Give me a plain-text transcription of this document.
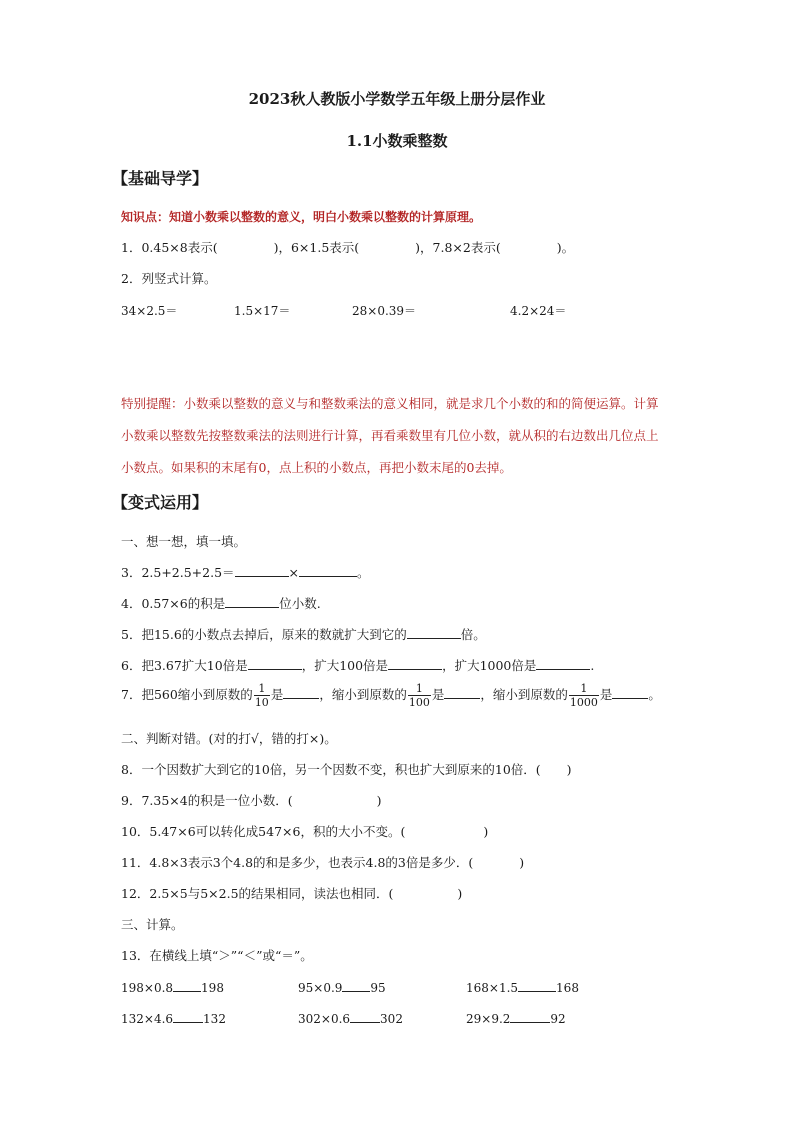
2023秋人教版小学数学五年级上册分层作业
1.1小数乘整数
【基础导学】
知识点：知道小数乘以整数的意义，明白小数乘以整数的计算原理。
1．0.45×8表示(	)，6×1.5表示(	)，7.8×2表示(	)。
2．列竖式计算。
34×2.5＝	1.5×17＝	28×0.39＝	4.2×24＝
特别提醒：小数乘以整数的意义与和整数乘法的意义相同，就是求几个小数的和的简便运算。计算
小数乘以整数先按整数乘法的法则进行计算，再看乘数里有几位小数，就从积的右边数出几位点上
小数点。如果积的末尾有0，点上积的小数点，再把小数末尾的0去掉。
【变式运用】
一、想一想，填一填。
3．2.5+2.5+2.5＝	×	。
4．0.57×6的积是	位小数.
5．把15.6的小数点去掉后，原来的数就扩大到它的	倍。
6．把3.67扩大10倍是	，扩大100倍是	，扩大1000倍是	.
7．把560缩小到原数的 $\frac{1}{10}$ 是	，缩小到原数的 $\frac{1}{100}$ 是	，缩小到原数的 $\frac{1}{1000}$ 是	。
二、判断对错。(对的打√，错的打×)。
8．一个因数扩大到它的10倍，另一个因数不变，积也扩大到原来的10倍．( )
9．7.35×4的积是一位小数．(	)
10．5.47×6可以转化成547×6，积的大小不变。(	)
11．4.8×3表示3个4.8的和是多少，也表示4.8的3倍是多少．(	)
12．2.5×5与5×2.5的结果相同，读法也相同．(	)
三、计算。
13．在横线上填“＞”“＜”或“＝”。
198×0.8 198	95×0.9 95	168×1.5	168
132×4.6	132	302×0.6	302	29×9.2	92
